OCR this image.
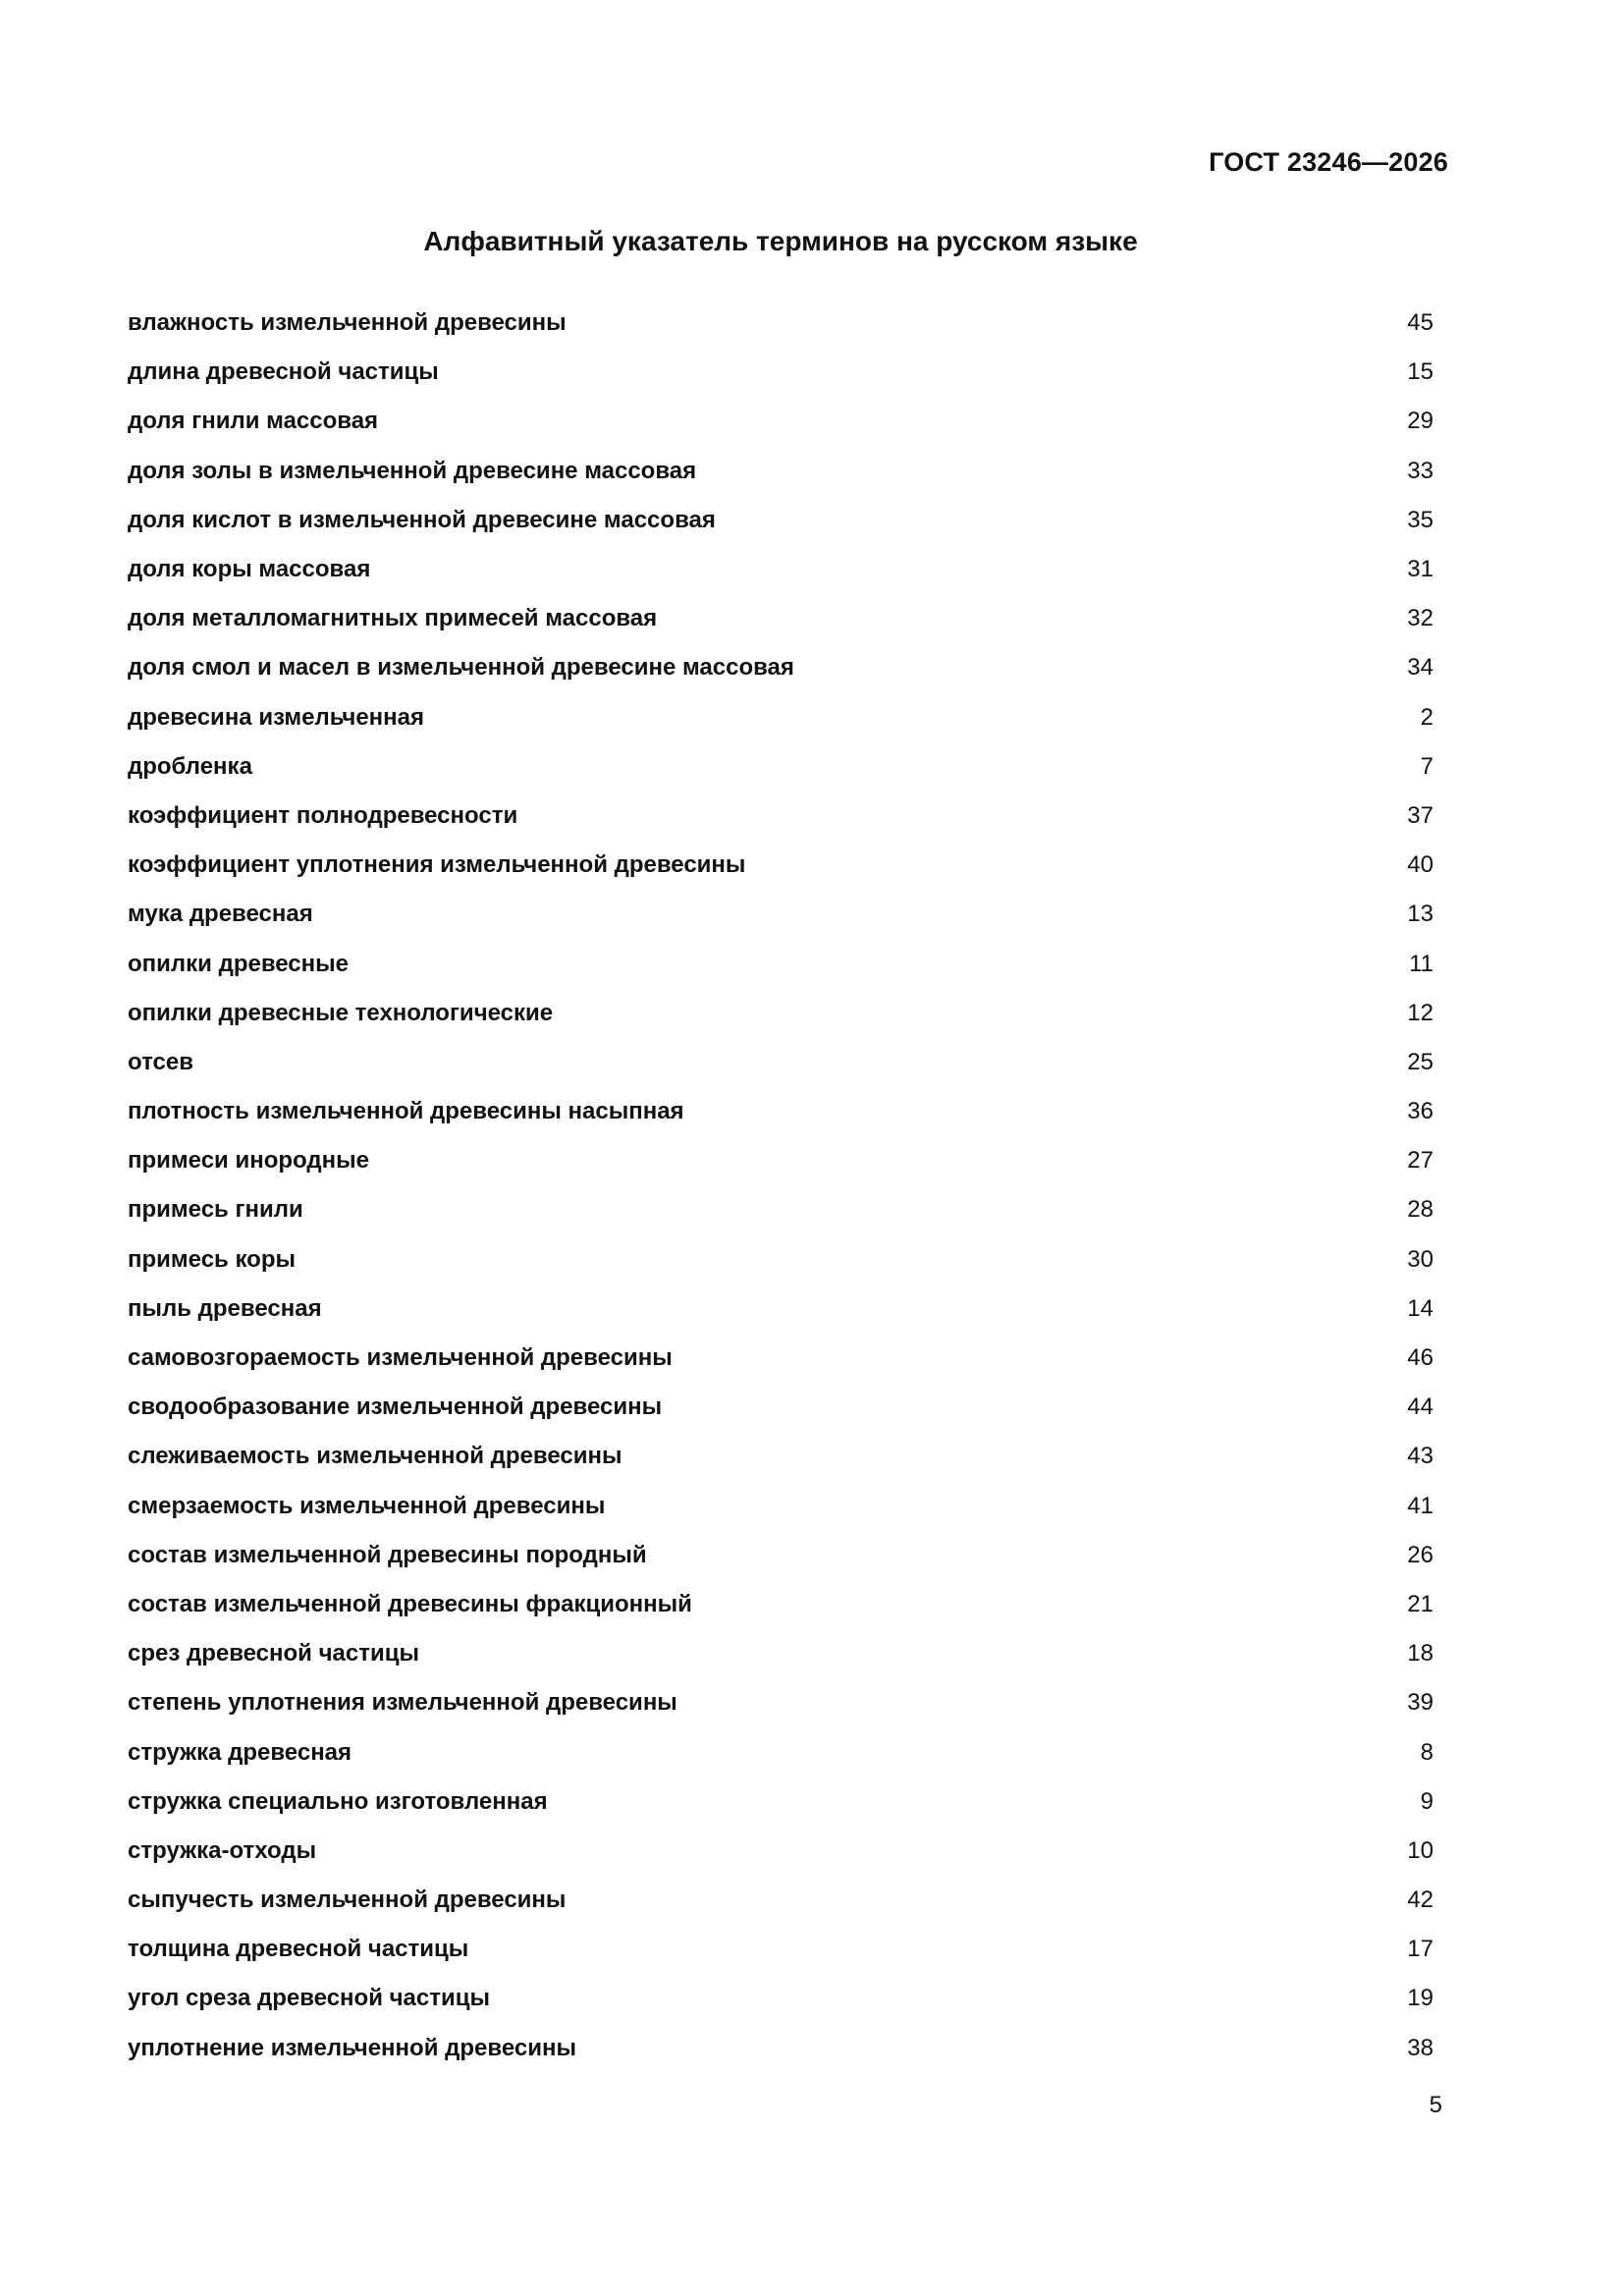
ГОСТ 23246—2026
Алфавитный указатель терминов на русском языке
влажность измельченной древесины	45
длина древесной частицы	15
доля гнили массовая	29
доля золы в измельченной древесине массовая	33
доля кислот в измельченной древесине массовая	35
доля коры массовая	31
доля металломагнитных примесей массовая	32
доля смол и масел в измельченной древесине массовая	34
древесина измельченная	2
дробленка	7
коэффициент полнодревесности	37
коэффициент уплотнения измельченной древесины	40
мука древесная	13
опилки древесные	11
опилки древесные технологические	12
отсев	25
плотность измельченной древесины насыпная	36
примеси инородные	27
примесь гнили	28
примесь коры	30
пыль древесная	14
самовозгораемость измельченной древесины	46
сводообразование измельченной древесины	44
слеживаемость измельченной древесины	43
смерзаемость измельченной древесины	41
состав измельченной древесины породный	26
состав измельченной древесины фракционный	21
срез древесной частицы	18
степень уплотнения измельченной древесины	39
стружка древесная	8
стружка специально изготовленная	9
стружка-отходы	10
сыпучесть измельченной древесины	42
толщина древесной частицы	17
угол среза древесной частицы	19
уплотнение измельченной древесины	38
5
